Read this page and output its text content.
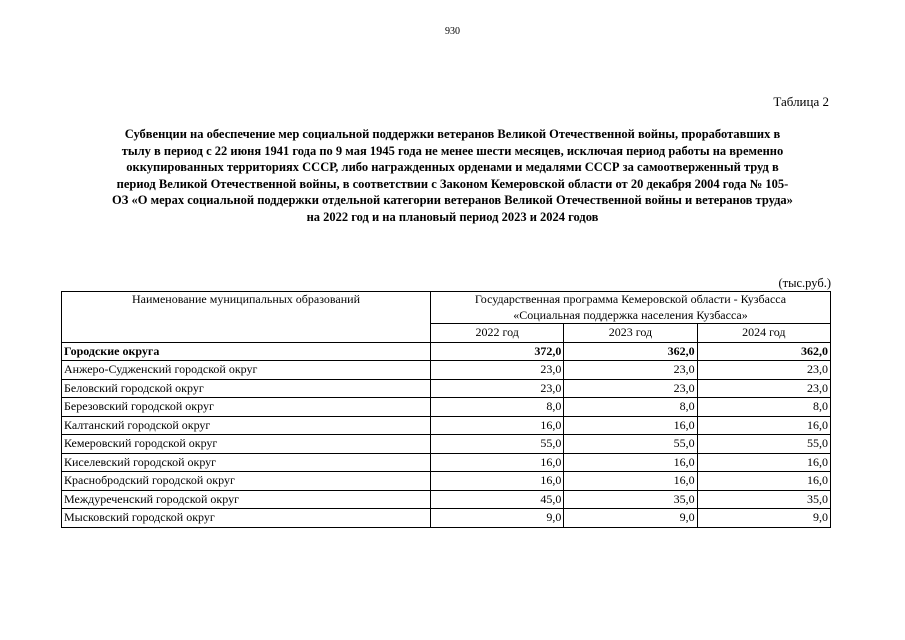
930
Таблица 2
Субвенции на обеспечение мер социальной поддержки ветеранов Великой Отечественной войны, проработавших в
тылу в период с 22 июня 1941 года по 9 мая 1945 года не менее шести месяцев, исключая период работы на временно
оккупированных территориях СССР, либо награжденных орденами и медалями СССР за самоотверженный труд в
период Великой Отечественной войны, в соответствии с Законом Кемеровской области от 20 декабря 2004 года № 105-
ОЗ «О мерах социальной поддержки отдельной категории ветеранов Великой Отечественной войны и ветеранов труда»
на 2022 год и на плановый период 2023 и 2024 годов
(тыс.руб.)
Наименование муниципальных образований	Государственная программа Кемеровской области - Кузбасса
«Социальная поддержка населения Кузбасса»		

	2022 год	2023 год	2024 год
Городские округа	372,0	362,0	362,0
Анжеро-Судженский городской округ	23,0	23,0	23,0
Беловский городской округ	23,0	23,0	23,0
Березовский городской округ	8,0	8,0	8,0
Калтанский городской округ	16,0	16,0	16,0
Кемеровский городской округ	55,0	55,0	55,0
Киселевский городской округ	16,0	16,0	16,0
Краснобродский городской округ	16,0	16,0	16,0
Междуреченский городской округ	45,0	35,0	35,0
Мысковский городской округ	9,0	9,0	9,0
